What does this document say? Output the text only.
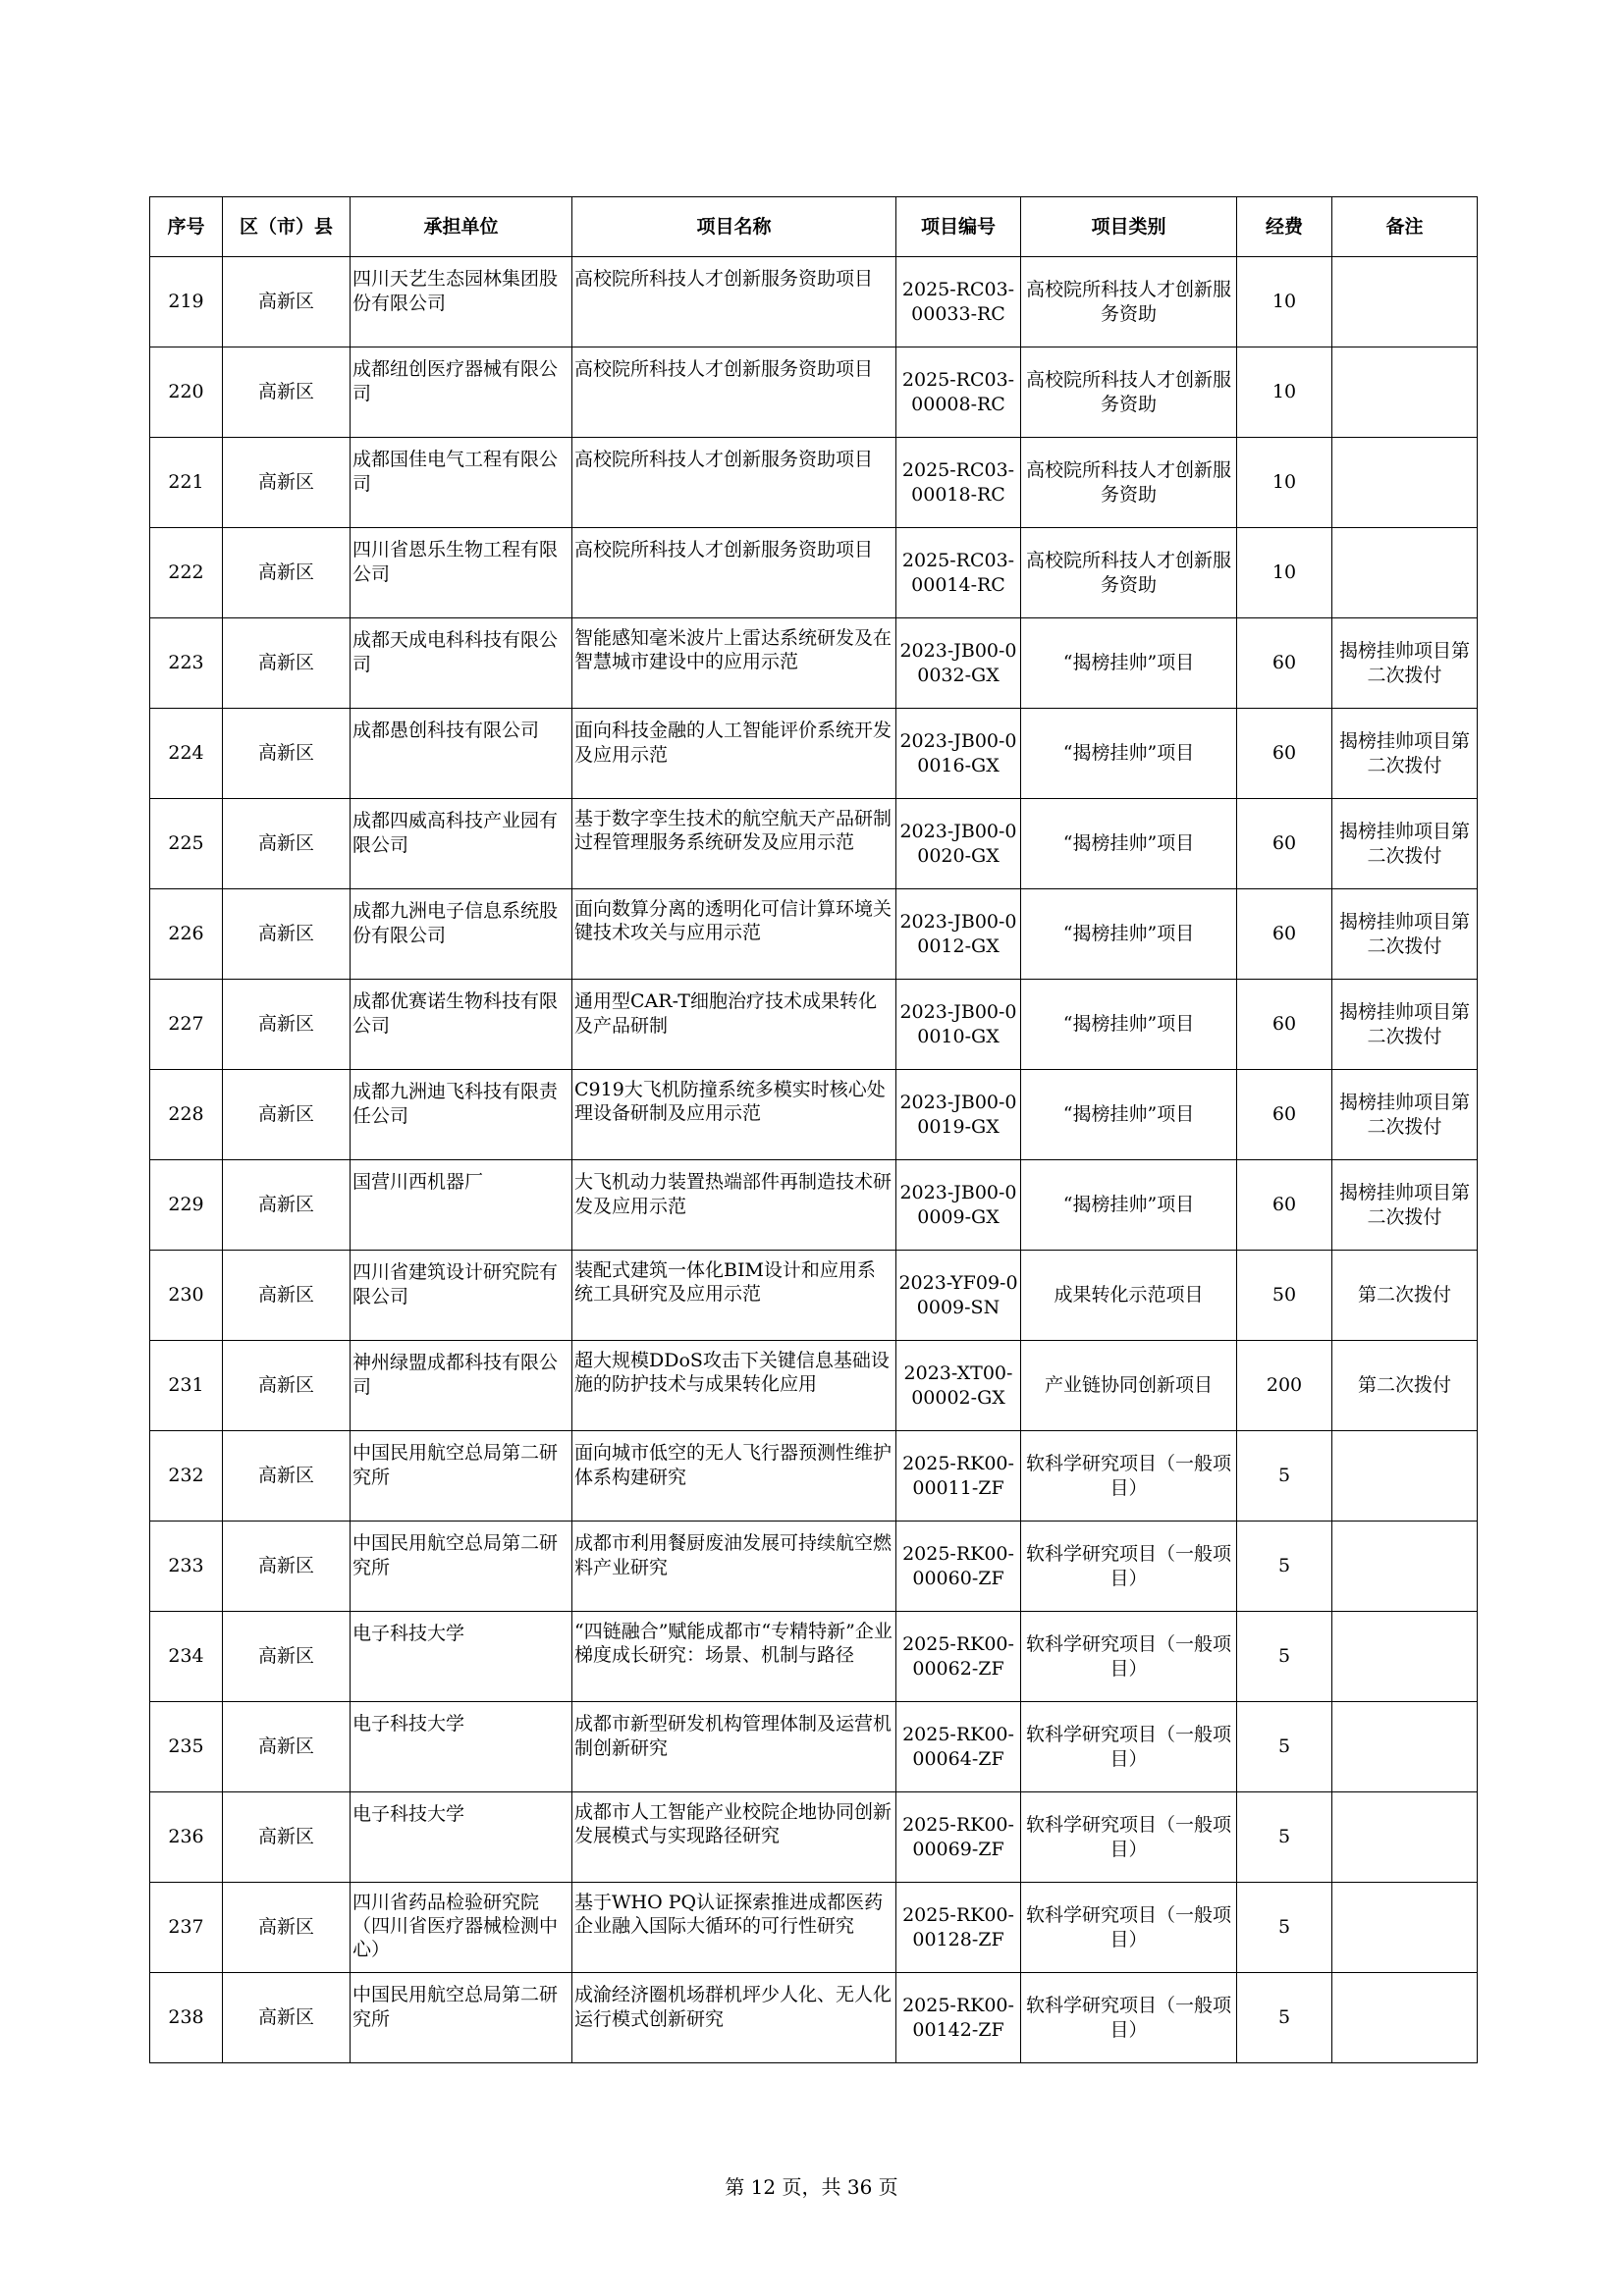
序号	区（市）县	承担单位	项目名称	项目编号	项目类别	经费	备注
219	高新区	四川天艺生态园林集团股份有限公司	高校院所科技人才创新服务资助项目	2025-RC03-00033-RC	高校院所科技人才创新服务资助	10	
220	高新区	成都纽创医疗器械有限公司	高校院所科技人才创新服务资助项目	2025-RC03-00008-RC	高校院所科技人才创新服务资助	10	
221	高新区	成都国佳电气工程有限公司	高校院所科技人才创新服务资助项目	2025-RC03-00018-RC	高校院所科技人才创新服务资助	10	
222	高新区	四川省恩乐生物工程有限公司	高校院所科技人才创新服务资助项目	2025-RC03-00014-RC	高校院所科技人才创新服务资助	10	
223	高新区	成都天成电科科技有限公司	智能感知毫米波片上雷达系统研发及在智慧城市建设中的应用示范	2023-JB00-00032-GX	“揭榜挂帅”项目	60	揭榜挂帅项目第二次拨付
224	高新区	成都愚创科技有限公司	面向科技金融的人工智能评价系统开发及应用示范	2023-JB00-00016-GX	“揭榜挂帅”项目	60	揭榜挂帅项目第二次拨付
225	高新区	成都四威高科技产业园有限公司	基于数字孪生技术的航空航天产品研制过程管理服务系统研发及应用示范	2023-JB00-00020-GX	“揭榜挂帅”项目	60	揭榜挂帅项目第二次拨付
226	高新区	成都九洲电子信息系统股份有限公司	面向数算分离的透明化可信计算环境关键技术攻关与应用示范	2023-JB00-00012-GX	“揭榜挂帅”项目	60	揭榜挂帅项目第二次拨付
227	高新区	成都优赛诺生物科技有限公司	通用型CAR-T细胞治疗技术成果转化及产品研制	2023-JB00-00010-GX	“揭榜挂帅”项目	60	揭榜挂帅项目第二次拨付
228	高新区	成都九洲迪飞科技有限责任公司	C919大飞机防撞系统多模实时核心处理设备研制及应用示范	2023-JB00-00019-GX	“揭榜挂帅”项目	60	揭榜挂帅项目第二次拨付
229	高新区	国营川西机器厂	大飞机动力装置热端部件再制造技术研发及应用示范	2023-JB00-00009-GX	“揭榜挂帅”项目	60	揭榜挂帅项目第二次拨付
230	高新区	四川省建筑设计研究院有限公司	装配式建筑一体化BIM设计和应用系统工具研究及应用示范	2023-YF09-00009-SN	成果转化示范项目	50	第二次拨付
231	高新区	神州绿盟成都科技有限公司	超大规模DDoS攻击下关键信息基础设施的防护技术与成果转化应用	2023-XT00-00002-GX	产业链协同创新项目	200	第二次拨付
232	高新区	中国民用航空总局第二研究所	面向城市低空的无人飞行器预测性维护体系构建研究	2025-RK00-00011-ZF	软科学研究项目（一般项目）	5	
233	高新区	中国民用航空总局第二研究所	成都市利用餐厨废油发展可持续航空燃料产业研究	2025-RK00-00060-ZF	软科学研究项目（一般项目）	5	
234	高新区	电子科技大学	“四链融合”赋能成都市“专精特新”企业梯度成长研究：场景、机制与路径	2025-RK00-00062-ZF	软科学研究项目（一般项目）	5	
235	高新区	电子科技大学	成都市新型研发机构管理体制及运营机制创新研究	2025-RK00-00064-ZF	软科学研究项目（一般项目）	5	
236	高新区	电子科技大学	成都市人工智能产业校院企地协同创新发展模式与实现路径研究	2025-RK00-00069-ZF	软科学研究项目（一般项目）	5	
237	高新区	四川省药品检验研究院（四川省医疗器械检测中心）	基于WHO PQ认证探索推进成都医药企业融入国际大循环的可行性研究	2025-RK00-00128-ZF	软科学研究项目（一般项目）	5	
238	高新区	中国民用航空总局第二研究所	成渝经济圈机场群机坪少人化、无人化运行模式创新研究	2025-RK00-00142-ZF	软科学研究项目（一般项目）	5	
第 12 页，共 36 页
